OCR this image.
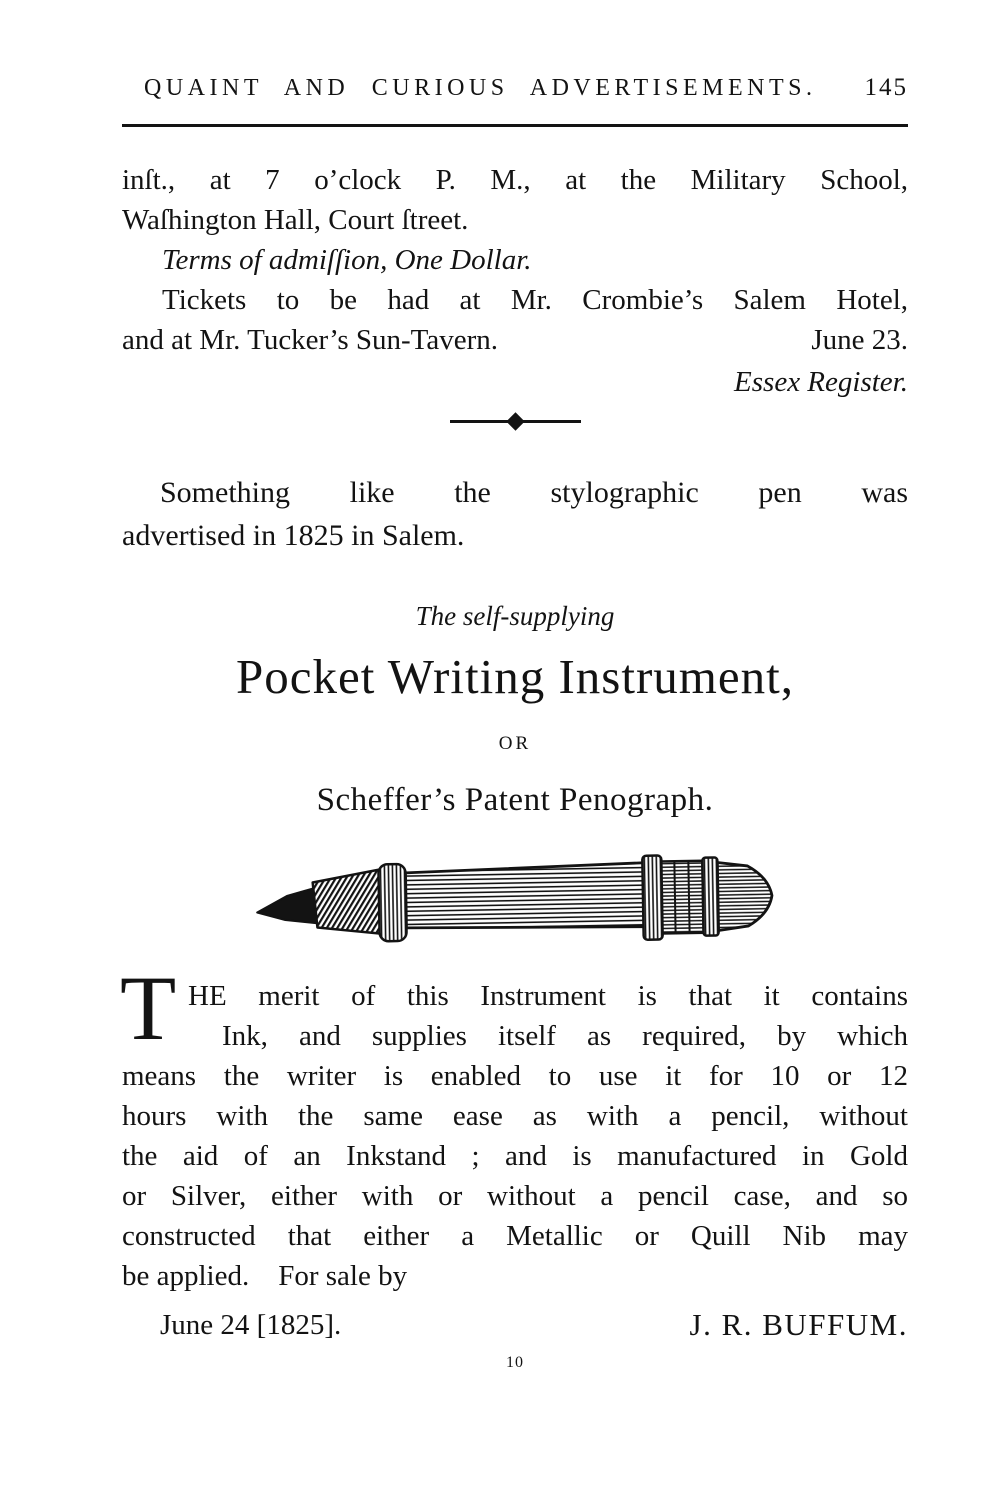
QUAINT AND CURIOUS ADVERTISEMENTS.	145
inſt., at 7 o’clock P. M., at the Military School,
Waſhington Hall, Court ſtreet.
Terms of admiſſion, One Dollar.
Tickets to be had at Mr. Crombie’s Salem Hotel,
and at Mr. Tucker’s Sun-Tavern.	June 23.
Essex Register.
Something like the stylographic pen was
advertised in 1825 in Salem.
The self-supplying
Pocket Writing Instrument,
OR
Scheffer’s Patent Penograph.
T HE merit of this Instrument is that it contains
Ink, and supplies itself as required, by which
means the writer is enabled to use it for 10 or 12
hours with the same ease as with a pencil, without
the aid of an Inkstand ; and is manufactured in Gold
or Silver, either with or without a pencil case, and so
constructed that either a Metallic or Quill Nib may
be applied. For sale by
June 24 [1825].	J. R. BUFFUM.
10
